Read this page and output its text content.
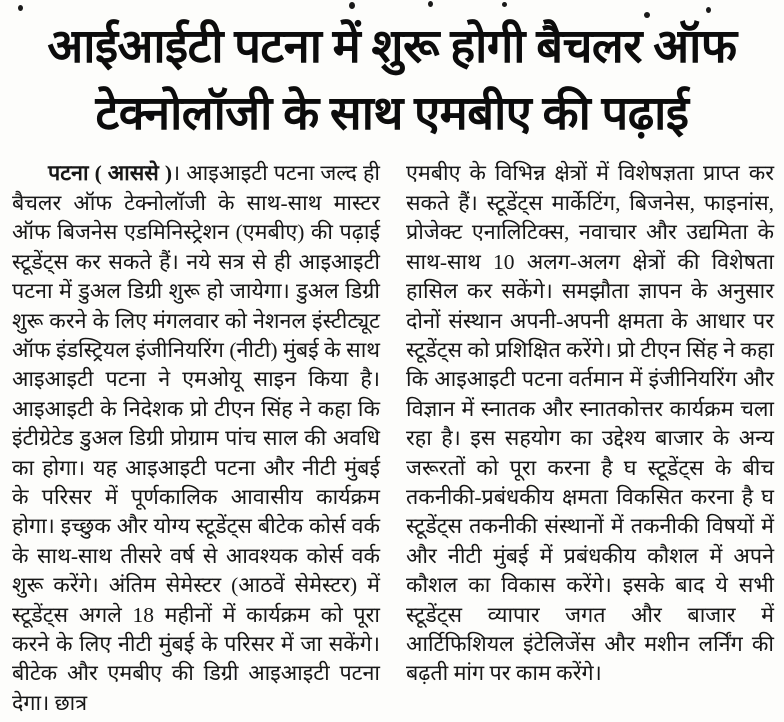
आईआईटी पटना में शुरू होगी बैचलर ऑफ
टेक्नोलॉजी के साथ एमबीए की पढ़ाई

पटना ( आससे )। आइआइटी पटना जल्द ही बैचलर ऑफ टेक्नोलॉजी के साथ-साथ मास्टर ऑफ बिजनेस एडमिनिस्ट्रेशन (एमबीए) की पढ़ाई स्टूडेंट्स कर सकते हैं। नये सत्र से ही आइआइटी पटना में डुअल डिग्री शुरू हो जायेगा। डुअल डिग्री शुरू करने के लिए मंगलवार को नेशनल इंस्टीट्यूट ऑफ इंडस्ट्रियल इंजीनियरिंग (नीटी) मुंबई के साथ आइआइटी पटना ने एमओयू साइन किया है। आइआइटी के निदेशक प्रो टीएन सिंह ने कहा कि इंटीग्रेटेड डुअल डिग्री प्रोग्राम पांच साल की अवधि का होगा। यह आइआइटी पटना और नीटी मुंबई के परिसर में पूर्णकालिक आवासीय कार्यक्रम होगा। इच्छुक और योग्य स्टूडेंट्स बीटेक कोर्स वर्क के साथ-साथ तीसरे वर्ष से आवश्यक कोर्स वर्क शुरू करेंगे। अंतिम सेमेस्टर (आठवें सेमेस्टर) में स्टूडेंट्स अगले 18 महीनों में कार्यक्रम को पूरा करने के लिए नीटी मुंबई के परिसर में जा सकेंगे। बीटेक और एमबीए की डिग्री आइआइटी पटना देगा। छात्र

एमबीए के विभिन्न क्षेत्रों में विशेषज्ञता प्राप्त कर सकते हैं। स्टूडेंट्स मार्केटिंग, बिजनेस, फाइनांस, प्रोजेक्ट एनालिटिक्स, नवाचार और उद्यमिता के साथ-साथ 10 अलग-अलग क्षेत्रों की विशेषता हासिल कर सकेंगे। समझौता ज्ञापन के अनुसार दोनों संस्थान अपनी-अपनी क्षमता के आधार पर स्टूडेंट्स को प्रशिक्षित करेंगे। प्रो टीएन सिंह ने कहा कि आइआइटी पटना वर्तमान में इंजीनियरिंग और विज्ञान में स्नातक और स्नातकोत्तर कार्यक्रम चला रहा है। इस सहयोग का उद्देश्य बाजार के अन्य जरूरतों को पूरा करना है घ स्टूडेंट्स के बीच तकनीकी-प्रबंधकीय क्षमता विकसित करना है घ स्टूडेंट्स तकनीकी संस्थानों में तकनीकी विषयों में और नीटी मुंबई में प्रबंधकीय कौशल में अपने कौशल का विकास करेंगे। इसके बाद ये सभी स्टूडेंट्स व्यापार जगत और बाजार में आर्टिफिशियल इंटेलिजेंस और मशीन लर्निंग की बढ़ती मांग पर काम करेंगे।
